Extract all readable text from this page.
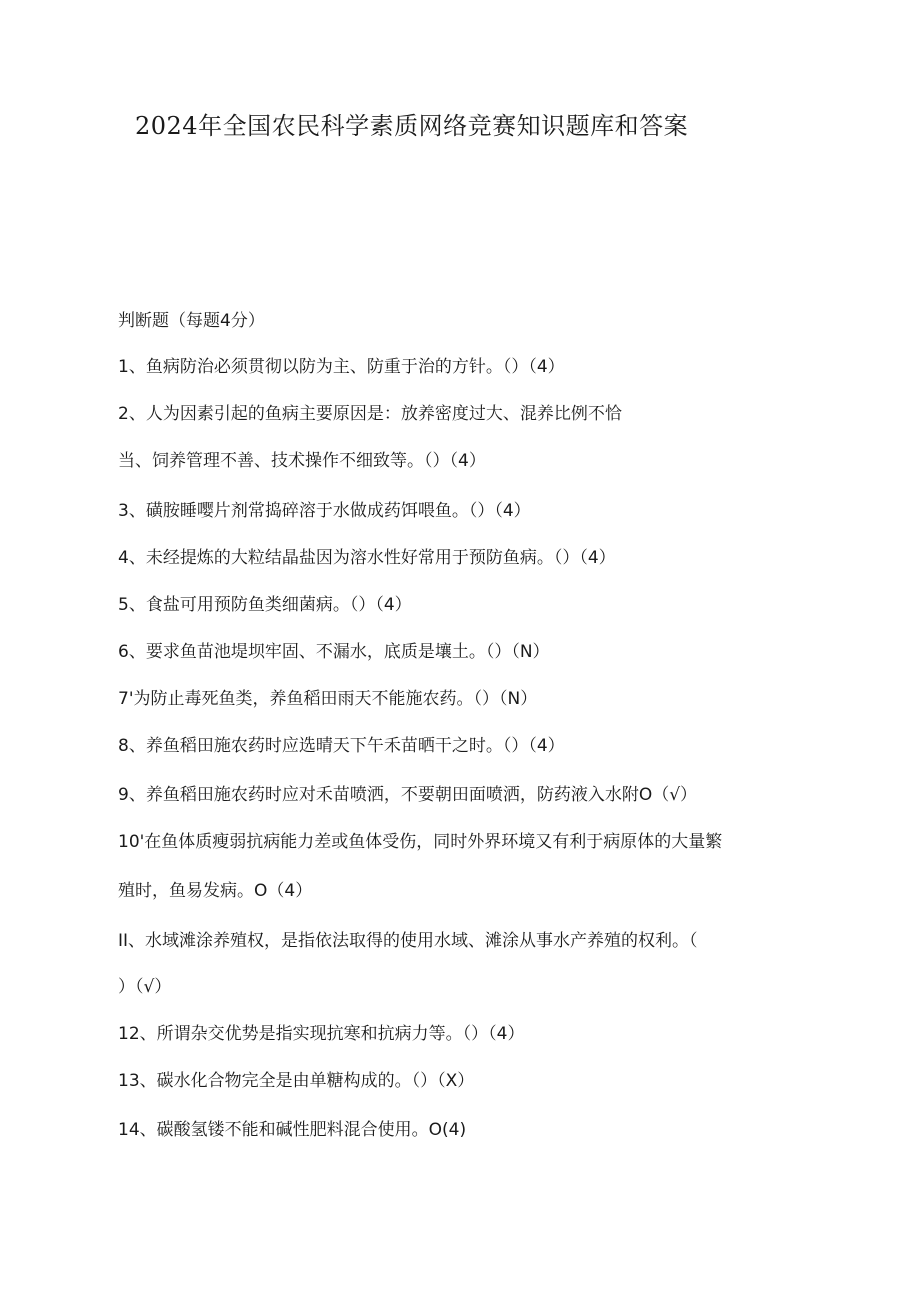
2024年全国农民科学素质网络竞赛知识题库和答案

判断题（每题4分）

1、鱼病防治必须贯彻以防为主、防重于治的方针。（）（4）

2、人为因素引起的鱼病主要原因是：放养密度过大、混养比例不恰

当、饲养管理不善、技术操作不细致等。（）（4）

3、磺胺睡嘤片剂常捣碎溶于水做成药饵喂鱼。（）（4）

4、未经提炼的大粒结晶盐因为溶水性好常用于预防鱼病。（）（4）

5、食盐可用预防鱼类细菌病。（）（4）

6、要求鱼苗池堤坝牢固、不漏水，底质是壤土。（）（N）

7'为防止毒死鱼类，养鱼稻田雨天不能施农药。（）（N）

8、养鱼稻田施农药时应选晴天下午禾苗晒干之时。（）（4）

9、养鱼稻田施农药时应对禾苗喷洒，不要朝田面喷洒，防药液入水附O（√）

10'在鱼体质瘦弱抗病能力差或鱼体受伤，同时外界环境又有利于病原体的大量繁

殖时，鱼易发病。O（4）

II、水域滩涂养殖权，是指依法取得的使用水域、滩涂从事水产养殖的权利。（

）（√）

12、所谓杂交优势是指实现抗寒和抗病力等。（）（4）

13、碳水化合物完全是由单糖构成的。（）（X）

14、碳酸氢镂不能和碱性肥料混合使用。O(4)
